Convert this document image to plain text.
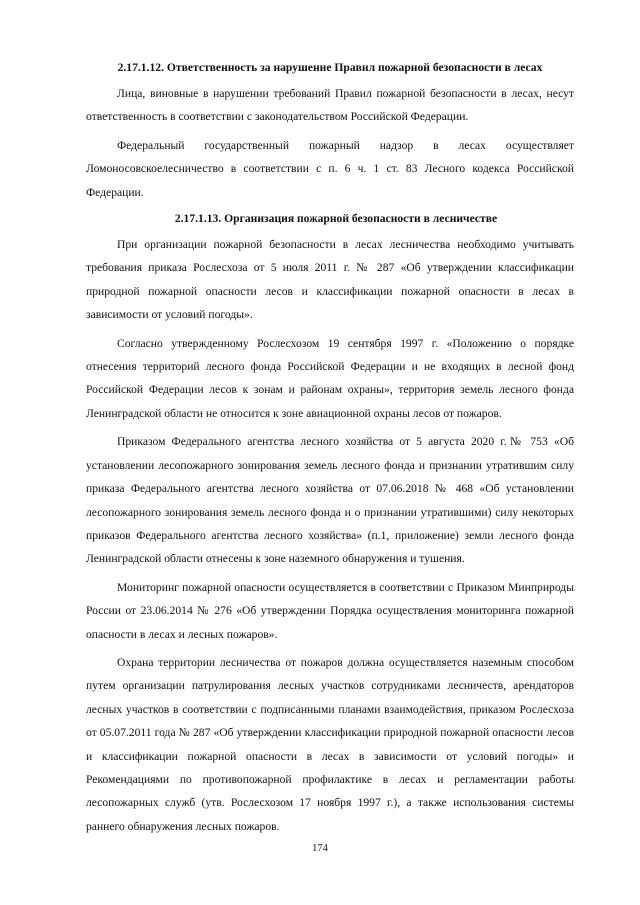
2.17.1.12. Ответственность за нарушение Правил пожарной безопасности в лесах

Лица, виновные в нарушении требований Правил пожарной безопасности в лесах, несут ответственность в соответствии с законодательством Российской Федерации.

Федеральный государственный пожарный надзор в лесах осуществляет Ломоносовскоелесничество в соответствии с п. 6 ч. 1 ст. 83 Лесного кодекса Российской Федерации.

2.17.1.13. Организация пожарной безопасности в лесничестве

При организации пожарной безопасности в лесах лесничества необходимо учитывать требования приказа Рослесхоза от 5 июля 2011 г. № 287 «Об утверждении классификации природной пожарной опасности лесов и классификации пожарной опасности в лесах в зависимости от условий погоды».

Согласно утвержденному Рослесхозом 19 сентября 1997 г. «Положению о порядке отнесения территорий лесного фонда Российской Федерации и не входящих в лесной фонд Российской Федерации лесов к зонам и районам охраны», территория земель лесного фонда Ленинградской области не относится к зоне авиационной охраны лесов от пожаров.

Приказом Федерального агентства лесного хозяйства от 5 августа 2020 г.№ 753 «Об установлении лесопожарного зонирования земель лесного фонда и признании утратившим силу приказа Федерального агентства лесного хозяйства от 07.06.2018 № 468 «Об установлении лесопожарного зонирования земель лесного фонда и о признании утратившими) силу некоторых приказов Федерального агентства лесного хозяйства» (п.1, приложение) земли лесного фонда Ленинградской области отнесены к зоне наземного обнаружения и тушения.

Мониторинг пожарной опасности осуществляется в соответствии с Приказом Минприроды России от 23.06.2014 № 276 «Об утверждении Порядка осуществления мониторинга пожарной опасности в лесах и лесных пожаров».

Охрана территории лесничества от пожаров должна осуществляется наземным способом путем организации патрулирования лесных участков сотрудниками лесничеств, арендаторов лесных участков в соответствии с подписанными планами взаимодействия, приказом Рослесхоза от 05.07.2011 года № 287 «Об утверждении классификации природной пожарной опасности лесов и классификации пожарной опасности в лесах в зависимости от условий погоды» и Рекомендациями по противопожарной профилактике в лесах и регламентации работы лесопожарных служб (утв. Рослесхозом 17 ноября 1997 г.), а также использования системы раннего обнаружения лесных пожаров.

174
